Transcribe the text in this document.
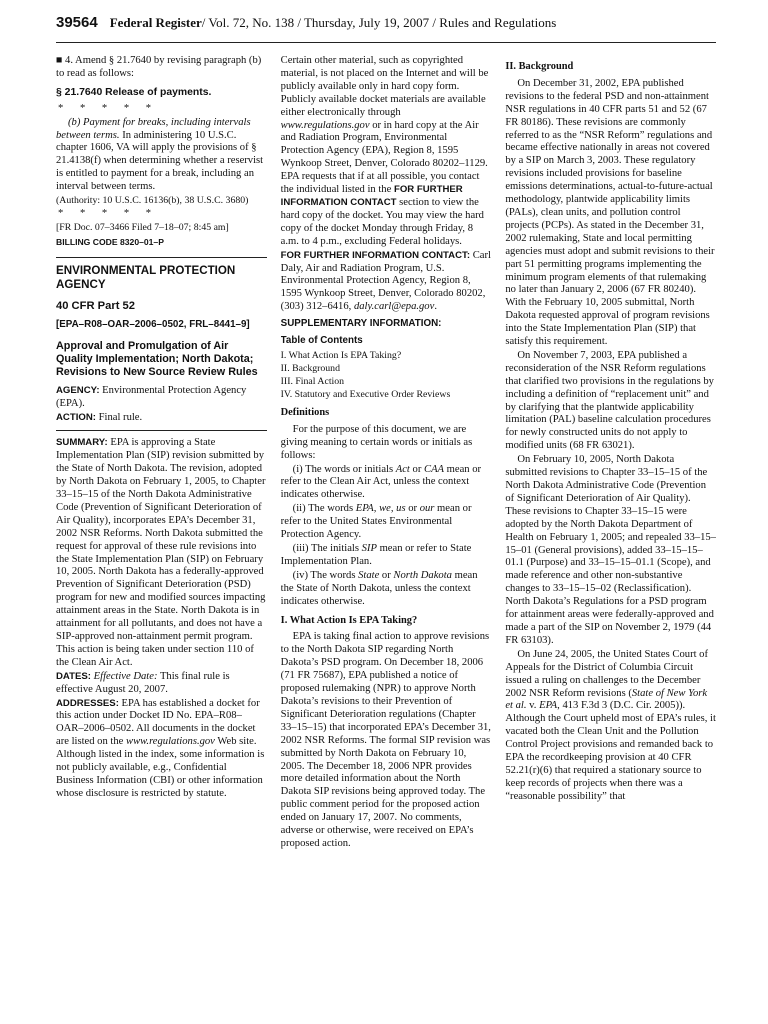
39564 Federal Register/ Vol. 72, No. 138 / Thursday, July 19, 2007 / Rules and Regulations

■ 4. Amend § 21.7640 by revising paragraph (b) to read as follows:

§ 21.7640 Release of payments.

* * * * *

(b) Payment for breaks, including intervals between terms. In administering 10 U.S.C. chapter 1606, VA will apply the provisions of § 21.4138(f) when determining whether a reservist is entitled to payment for a break, including an interval between terms.

(Authority: 10 U.S.C. 16136(b), 38 U.S.C. 3680)

* * * * *

[FR Doc. 07–3466 Filed 7–18–07; 8:45 am]

BILLING CODE 8320–01–P

ENVIRONMENTAL PROTECTION AGENCY

40 CFR Part 52

[EPA–R08–OAR–2006–0502, FRL–8441–9]

Approval and Promulgation of Air Quality Implementation; North Dakota; Revisions to New Source Review Rules

AGENCY: Environmental Protection Agency (EPA).

ACTION: Final rule.

SUMMARY: EPA is approving a State Implementation Plan (SIP) revision submitted by the State of North Dakota. The revision, adopted by North Dakota on February 1, 2005, to Chapter 33–15–15 of the North Dakota Administrative Code (Prevention of Significant Deterioration of Air Quality), incorporates EPA’s December 31, 2002 NSR Reforms. North Dakota submitted the request for approval of these rule revisions into the State Implementation Plan (SIP) on February 10, 2005. North Dakota has a federally-approved Prevention of Significant Deterioration (PSD) program for new and modified sources impacting attainment areas in the State. North Dakota is in attainment for all pollutants, and does not have a SIP-approved non-attainment permit program. This action is being taken under section 110 of the Clean Air Act.

DATES: Effective Date: This final rule is effective August 20, 2007.

ADDRESSES: EPA has established a docket for this action under Docket ID No. EPA–R08–OAR–2006–0502. All documents in the docket are listed on the www.regulations.gov Web site. Although listed in the index, some information is not publicly available, e.g., Confidential Business Information (CBI) or other information whose disclosure is restricted by statute.

Certain other material, such as copyrighted material, is not placed on the Internet and will be publicly available only in hard copy form. Publicly available docket materials are available either electronically through www.regulations.gov or in hard copy at the Air and Radiation Program, Environmental Protection Agency (EPA), Region 8, 1595 Wynkoop Street, Denver, Colorado 80202–1129. EPA requests that if at all possible, you contact the individual listed in the FOR FURTHER INFORMATION CONTACT section to view the hard copy of the docket. You may view the hard copy of the docket Monday through Friday, 8 a.m. to 4 p.m., excluding Federal holidays.

FOR FURTHER INFORMATION CONTACT: Carl Daly, Air and Radiation Program, U.S. Environmental Protection Agency, Region 8, 1595 Wynkoop Street, Denver, Colorado 80202, (303) 312–6416, daly.carl@epa.gov.

SUPPLEMENTARY INFORMATION:

Table of Contents

I. What Action Is EPA Taking?

II. Background

III. Final Action

IV. Statutory and Executive Order Reviews

Definitions

For the purpose of this document, we are giving meaning to certain words or initials as follows:

(i) The words or initials Act or CAA mean or refer to the Clean Air Act, unless the context indicates otherwise.

(ii) The words EPA, we, us or our mean or refer to the United States Environmental Protection Agency.

(iii) The initials SIP mean or refer to State Implementation Plan.

(iv) The words State or North Dakota mean the State of North Dakota, unless the context indicates otherwise.

I. What Action Is EPA Taking?

EPA is taking final action to approve revisions to the North Dakota SIP regarding North Dakota’s PSD program. On December 18, 2006 (71 FR 75687), EPA published a notice of proposed rulemaking (NPR) to approve North Dakota’s revisions to their Prevention of Significant Deterioration regulations (Chapter 33–15–15) that incorporated EPA’s December 31, 2002 NSR Reforms. The formal SIP revision was submitted by North Dakota on February 10, 2005. The December 18, 2006 NPR provides more detailed information about the North Dakota SIP revisions being approved today. The public comment period for the proposed action ended on January 17, 2007. No comments, adverse or otherwise, were received on EPA’s proposed action.

II. Background

On December 31, 2002, EPA published revisions to the federal PSD and non-attainment NSR regulations in 40 CFR parts 51 and 52 (67 FR 80186). These revisions are commonly referred to as the “NSR Reform” regulations and became effective nationally in areas not covered by a SIP on March 3, 2003. These regulatory revisions included provisions for baseline emissions determinations, actual-to-future-actual methodology, plantwide applicability limits (PALs), clean units, and pollution control projects (PCPs). As stated in the December 31, 2002 rulemaking, State and local permitting agencies must adopt and submit revisions to their part 51 permitting programs implementing the minimum program elements of that rulemaking no later than January 2, 2006 (67 FR 80240). With the February 10, 2005 submittal, North Dakota requested approval of program revisions into the State Implementation Plan (SIP) that satisfy this requirement.

On November 7, 2003, EPA published a reconsideration of the NSR Reform regulations that clarified two provisions in the regulations by including a definition of “replacement unit” and by clarifying that the plantwide applicability limitation (PAL) baseline calculation procedures for newly constructed units do not apply to modified units (68 FR 63021).

On February 10, 2005, North Dakota submitted revisions to Chapter 33–15–15 of the North Dakota Administrative Code (Prevention of Significant Deterioration of Air Quality). These revisions to Chapter 33–15–15 were adopted by the North Dakota Department of Health on February 1, 2005; and repealed 33–15–15–01 (General provisions), added 33–15–15–01.1 (Purpose) and 33–15–15–01.1 (Scope), and made reference and other non-substantive changes to 33–15–15–02 (Reclassification). North Dakota’s Regulations for a PSD program for attainment areas were federally-approved and made a part of the SIP on November 2, 1979 (44 FR 63103).

On June 24, 2005, the United States Court of Appeals for the District of Columbia Circuit issued a ruling on challenges to the December 2002 NSR Reform revisions (State of New York et al. v. EPA, 413 F.3d 3 (D.C. Cir. 2005)). Although the Court upheld most of EPA’s rules, it vacated both the Clean Unit and the Pollution Control Project provisions and remanded back to EPA the recordkeeping provision at 40 CFR 52.21(r)(6) that required a stationary source to keep records of projects when there was a “reasonable possibility” that
